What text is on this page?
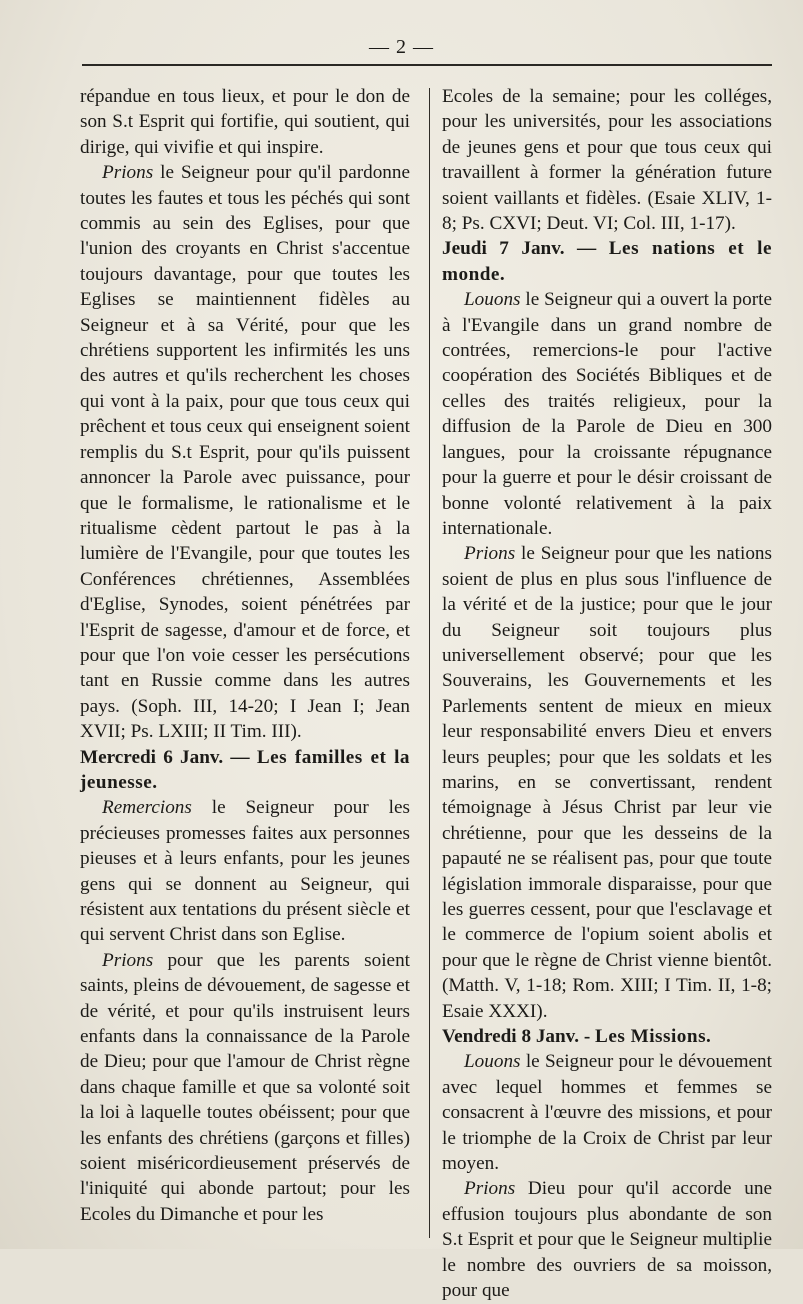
— 2 —

répandue en tous lieux, et pour le don de son S.t Esprit qui fortifie, qui soutient, qui dirige, qui vivifie et qui inspire.

Prions le Seigneur pour qu'il pardonne toutes les fautes et tous les péchés qui sont commis au sein des Eglises, pour que l'union des croyants en Christ s'accentue toujours davantage, pour que toutes les Eglises se maintiennent fidèles au Seigneur et à sa Vérité, pour que les chrétiens supportent les infirmités les uns des autres et qu'ils recherchent les choses qui vont à la paix, pour que tous ceux qui prêchent et tous ceux qui enseignent soient remplis du S.t Esprit, pour qu'ils puissent annoncer la Parole avec puissance, pour que le formalisme, le rationalisme et le ritualisme cèdent partout le pas à la lumière de l'Evangile, pour que toutes les Conférences chrétiennes, Assemblées d'Eglise, Synodes, soient pénétrées par l'Esprit de sagesse, d'amour et de force, et pour que l'on voie cesser les persécutions tant en Russie comme dans les autres pays. (Soph. III, 14-20; I Jean I; Jean XVII; Ps. LXIII; II Tim. III).

Mercredi 6 Janv. — Les familles et la jeunesse.

Remercions le Seigneur pour les précieuses promesses faites aux personnes pieuses et à leurs enfants, pour les jeunes gens qui se donnent au Seigneur, qui résistent aux tentations du présent siècle et qui servent Christ dans son Eglise.

Prions pour que les parents soient saints, pleins de dévouement, de sagesse et de vérité, et pour qu'ils instruisent leurs enfants dans la connaissance de la Parole de Dieu; pour que l'amour de Christ règne dans chaque famille et que sa volonté soit la loi à laquelle toutes obéissent; pour que les enfants des chrétiens (garçons et filles) soient miséricordieusement préservés de l'iniquité qui abonde partout; pour les Ecoles du Dimanche et pour les

Ecoles de la semaine; pour les colléges, pour les universités, pour les associations de jeunes gens et pour que tous ceux qui travaillent à former la génération future soient vaillants et fidèles. (Esaie XLIV, 1-8; Ps. CXVI; Deut. VI; Col. III, 1-17).

Jeudi 7 Janv. — Les nations et le monde.

Louons le Seigneur qui a ouvert la porte à l'Evangile dans un grand nombre de contrées, remercions-le pour l'active coopération des Sociétés Bibliques et de celles des traités religieux, pour la diffusion de la Parole de Dieu en 300 langues, pour la croissante répugnance pour la guerre et pour le désir croissant de bonne volonté relativement à la paix internationale.

Prions le Seigneur pour que les nations soient de plus en plus sous l'influence de la vérité et de la justice; pour que le jour du Seigneur soit toujours plus universellement observé; pour que les Souverains, les Gouvernements et les Parlements sentent de mieux en mieux leur responsabilité envers Dieu et envers leurs peuples; pour que les soldats et les marins, en se convertissant, rendent témoignage à Jésus Christ par leur vie chrétienne, pour que les desseins de la papauté ne se réalisent pas, pour que toute législation immorale disparaisse, pour que les guerres cessent, pour que l'esclavage et le commerce de l'opium soient abolis et pour que le règne de Christ vienne bientôt. (Matth. V, 1-18; Rom. XIII; I Tim. II, 1-8; Esaie XXXI).

Vendredi 8 Janv. - Les Missions.

Louons le Seigneur pour le dévouement avec lequel hommes et femmes se consacrent à l'œuvre des missions, et pour le triomphe de la Croix de Christ par leur moyen.

Prions Dieu pour qu'il accorde une effusion toujours plus abondante de son S.t Esprit et pour que le Seigneur multiplie le nombre des ouvriers de sa moisson, pour que
